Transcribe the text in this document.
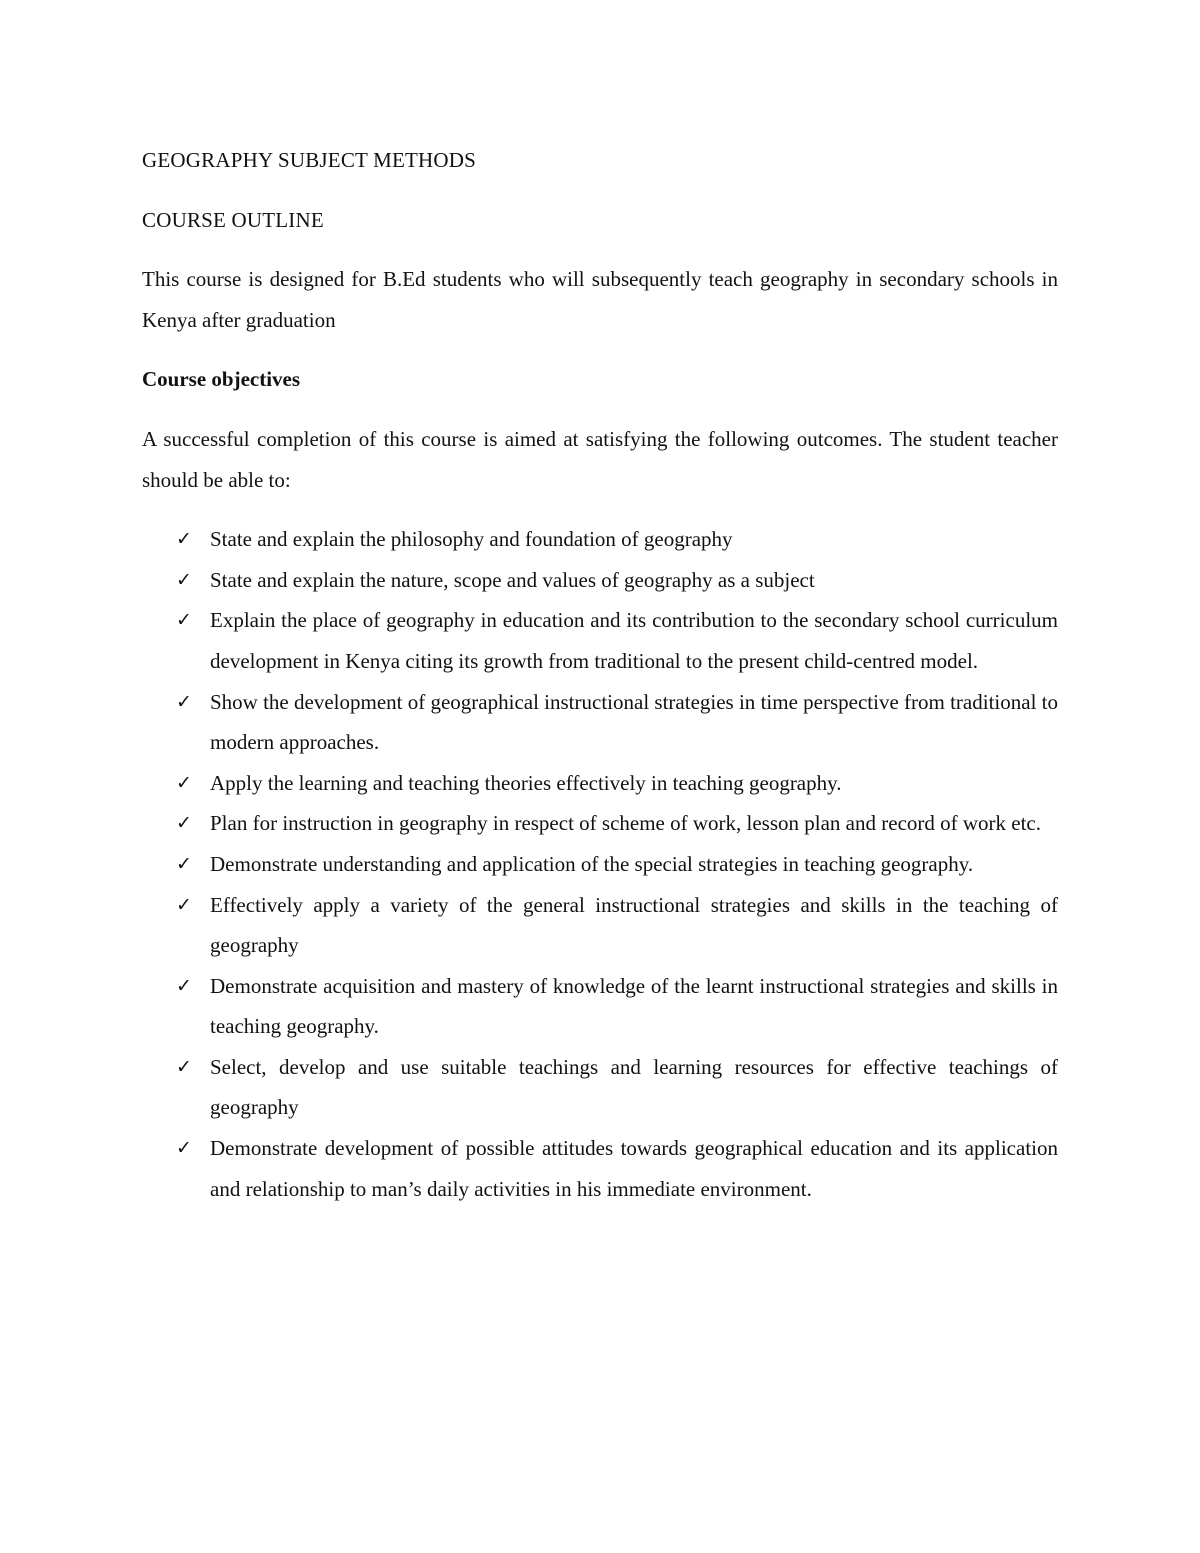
GEOGRAPHY SUBJECT METHODS

COURSE OUTLINE

This course is designed for B.Ed students who will subsequently teach geography in secondary schools in Kenya after graduation

Course objectives

A successful completion of this course is aimed at satisfying the following outcomes. The student teacher should be able to:

✓ State and explain the philosophy and foundation of geography
✓ State and explain the nature, scope and values of geography as a subject
✓ Explain the place of geography in education and its contribution to the secondary school curriculum development in Kenya citing its growth from traditional to the present child-centred model.
✓ Show the development of geographical instructional strategies in time perspective from traditional to modern approaches.
✓ Apply the learning and teaching theories effectively in teaching geography.
✓ Plan for instruction in geography in respect of scheme of work, lesson plan and record of work etc.
✓ Demonstrate understanding and application of the special strategies in teaching geography.
✓ Effectively apply a variety of the general instructional strategies and skills in the teaching of geography
✓ Demonstrate acquisition and mastery of knowledge of the learnt instructional strategies and skills in teaching geography.
✓ Select, develop and use suitable teachings and learning resources for effective teachings of geography
✓ Demonstrate development of possible attitudes towards geographical education and its application and relationship to man’s daily activities in his immediate environment.
